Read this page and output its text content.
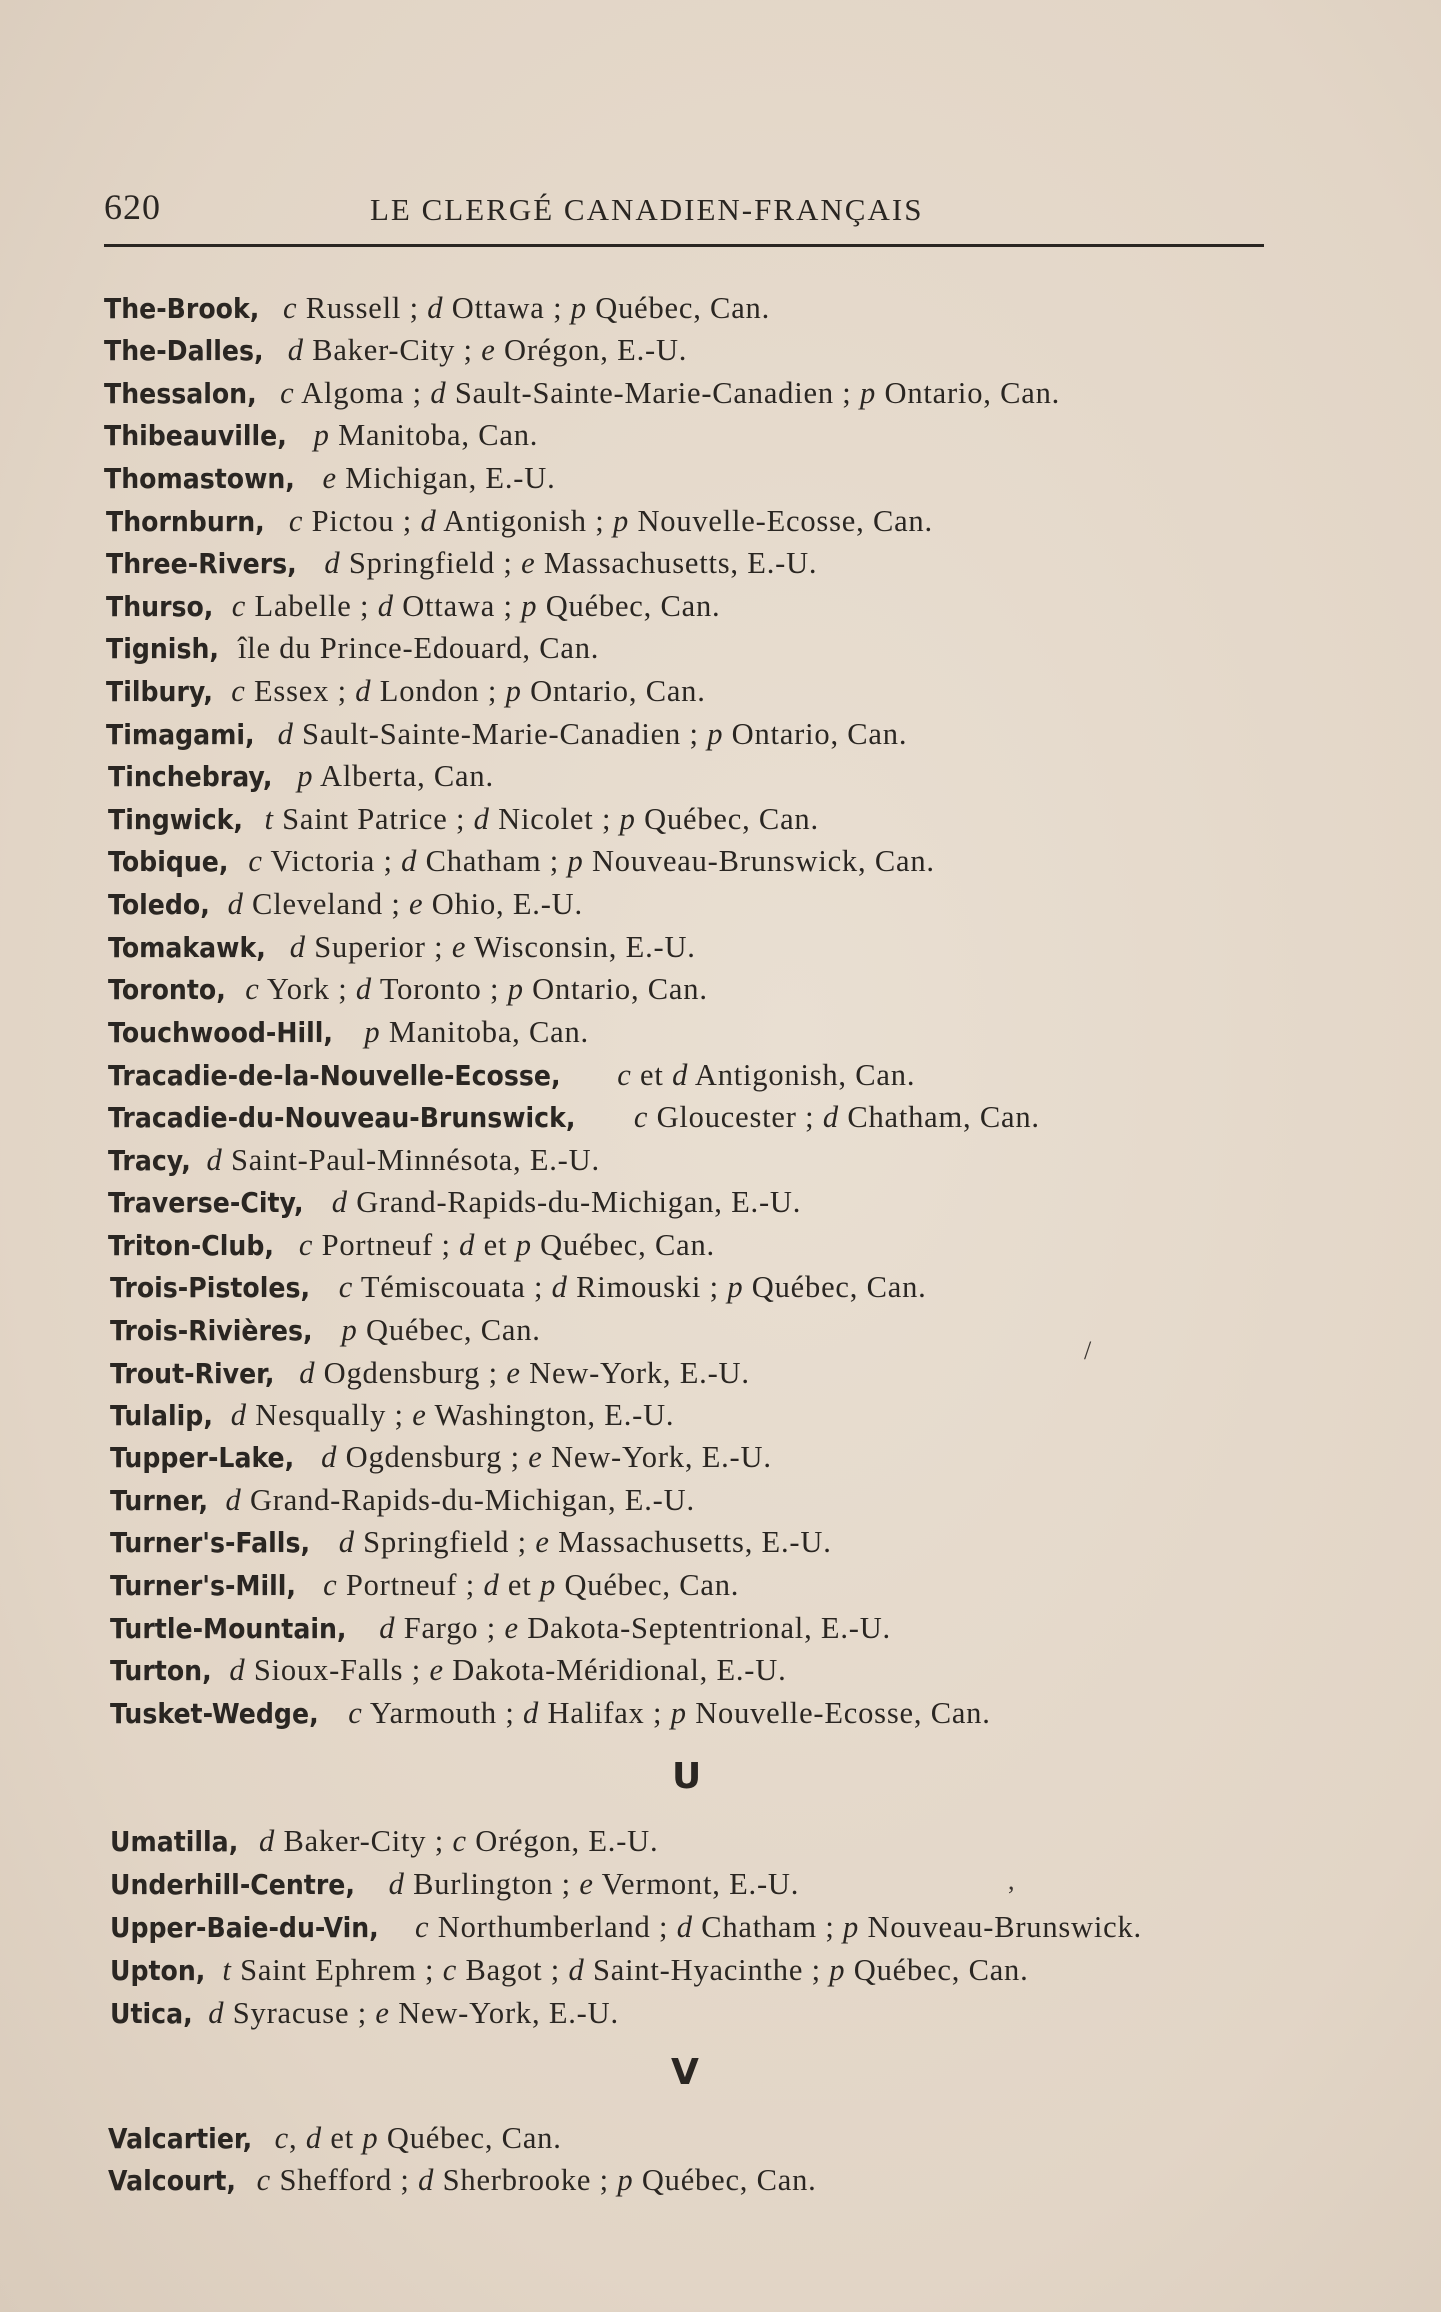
620	LE CLERGÉ CANADIEN-FRANÇAIS
The-Brook, c Russell ; d Ottawa ; p Québec, Can.
The-Dalles, d Baker-City ; e Orégon, E.-U.
Thessalon, c Algoma ; d Sault-Sainte-Marie-Canadien ; p Ontario, Can.
Thibeauville, p Manitoba, Can.
Thomastown, e Michigan, E.-U.
Thornburn, c Pictou ; d Antigonish ; p Nouvelle-Ecosse, Can.
Three-Rivers, d Springfield ; e Massachusetts, E.-U.
Thurso, c Labelle ; d Ottawa ; p Québec, Can.
Tignish, île du Prince-Edouard, Can.
Tilbury, c Essex ; d London ; p Ontario, Can.
Timagami, d Sault-Sainte-Marie-Canadien ; p Ontario, Can.
Tinchebray, p Alberta, Can.
Tingwick, t Saint Patrice ; d Nicolet ; p Québec, Can.
Tobique, c Victoria ; d Chatham ; p Nouveau-Brunswick, Can.
Toledo, d Cleveland ; e Ohio, E.-U.
Tomakawk, d Superior ; e Wisconsin, E.-U.
Toronto, c York ; d Toronto ; p Ontario, Can.
Touchwood-Hill, p Manitoba, Can.
Tracadie-de-la-Nouvelle-Ecosse, c et d Antigonish, Can.
Tracadie-du-Nouveau-Brunswick, c Gloucester ; d Chatham, Can.
Tracy, d Saint-Paul-Minnésota, E.-U.
Traverse-City, d Grand-Rapids-du-Michigan, E.-U.
Triton-Club, c Portneuf ; d et p Québec, Can.
Trois-Pistoles, c Témiscouata ; d Rimouski ; p Québec, Can.
Trois-Rivières, p Québec, Can.
Trout-River, d Ogdensburg ; e New-York, E.-U.
Tulalip, d Nesqually ; e Washington, E.-U.
Tupper-Lake, d Ogdensburg ; e New-York, E.-U.
Turner, d Grand-Rapids-du-Michigan, E.-U.
Turner's-Falls, d Springfield ; e Massachusetts, E.-U.
Turner's-Mill, c Portneuf ; d et p Québec, Can.
Turtle-Mountain, d Fargo ; e Dakota-Septentrional, E.-U.
Turton, d Sioux-Falls ; e Dakota-Méridional, E.-U.
Tusket-Wedge, c Yarmouth ; d Halifax ; p Nouvelle-Ecosse, Can.
Umatilla, d Baker-City ; c Orégon, E.-U.
Underhill-Centre, d Burlington ; e Vermont, E.-U.
Upper-Baie-du-Vin, c Northumberland ; d Chatham ; p Nouveau-Brunswick.
Upton, t Saint Ephrem ; c Bagot ; d Saint-Hyacinthe ; p Québec, Can.
Utica, d Syracuse ; e New-York, E.-U.
Valcartier, c, d et p Québec, Can.
Valcourt, c Shefford ; d Sherbrooke ; p Québec, Can.
U
V
/
,
